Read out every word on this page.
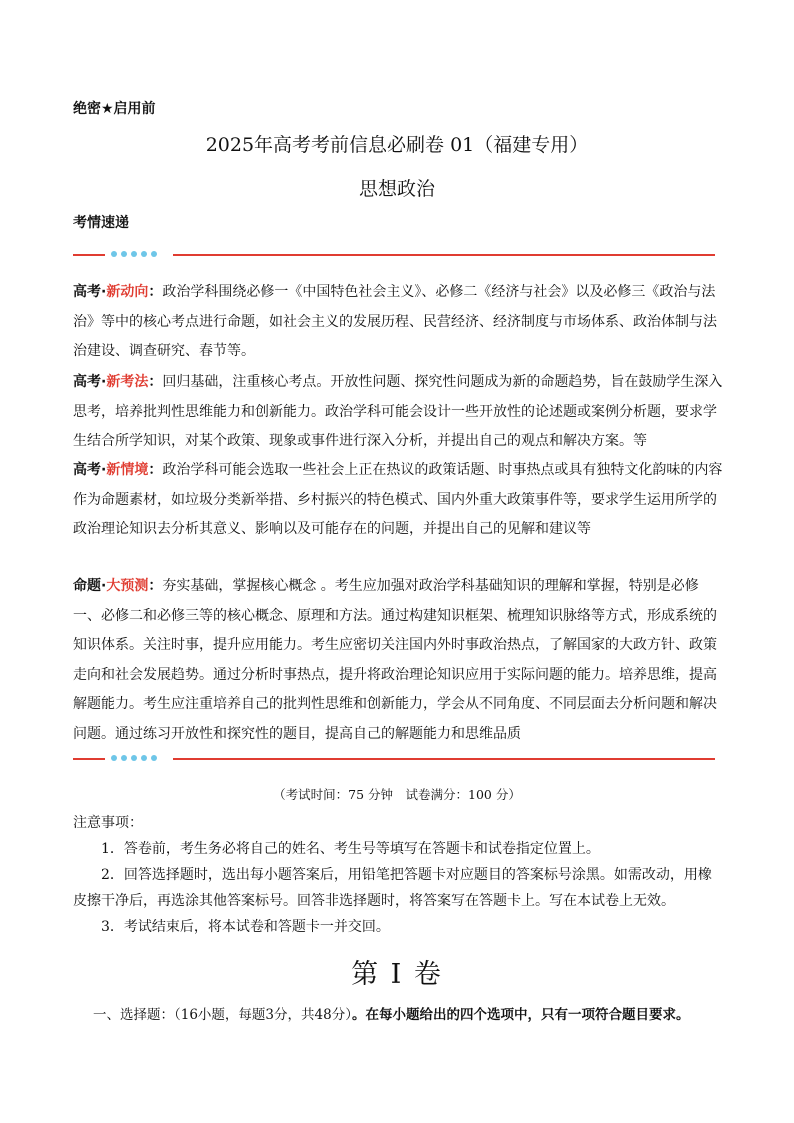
绝密★启用前
2025年高考考前信息必刷卷 01（福建专用）
思想政治
考情速递
高考·新动向：政治学科围绕必修一《中国特色社会主义》、必修二《经济与社会》以及必修三《政治与法治》等中的核心考点进行命题，如社会主义的发展历程、民营经济、经济制度与市场体系、政治体制与法治建设、调查研究、春节等。
高考·新考法：回归基础，注重核心考点。开放性问题、探究性问题成为新的命题趋势，旨在鼓励学生深入思考，培养批判性思维能力和创新能力。政治学科可能会设计一些开放性的论述题或案例分析题，要求学生结合所学知识，对某个政策、现象或事件进行深入分析，并提出自己的观点和解决方案。等
高考·新情境：政治学科可能会选取一些社会上正在热议的政策话题、时事热点或具有独特文化韵味的内容作为命题素材，如垃圾分类新举措、乡村振兴的特色模式、国内外重大政策事件等，要求学生运用所学的政治理论知识去分析其意义、影响以及可能存在的问题，并提出自己的见解和建议等
命题·大预测：夯实基础，掌握核心概念 。考生应加强对政治学科基础知识的理解和掌握，特别是必修一、必修二和必修三等的核心概念、原理和方法。通过构建知识框架、梳理知识脉络等方式，形成系统的知识体系。关注时事，提升应用能力。考生应密切关注国内外时事政治热点，了解国家的大政方针、政策走向和社会发展趋势。通过分析时事热点，提升将政治理论知识应用于实际问题的能力。培养思维，提高解题能力。考生应注重培养自己的批判性思维和创新能力，学会从不同角度、不同层面去分析问题和解决问题。通过练习开放性和探究性的题目，提高自己的解题能力和思维品质
（考试时间：75 分钟　试卷满分：100 分）
注意事项：
1．答卷前，考生务必将自己的姓名、考生号等填写在答题卡和试卷指定位置上。
2．回答选择题时，选出每小题答案后，用铅笔把答题卡对应题目的答案标号涂黑。如需改动，用橡皮擦干净后，再选涂其他答案标号。回答非选择题时，将答案写在答题卡上。写在本试卷上无效。
3．考试结束后，将本试卷和答题卡一并交回。
第 I 卷
一、选择题：（16小题，每题3分，共48分）。在每小题给出的四个选项中，只有一项符合题目要求。
